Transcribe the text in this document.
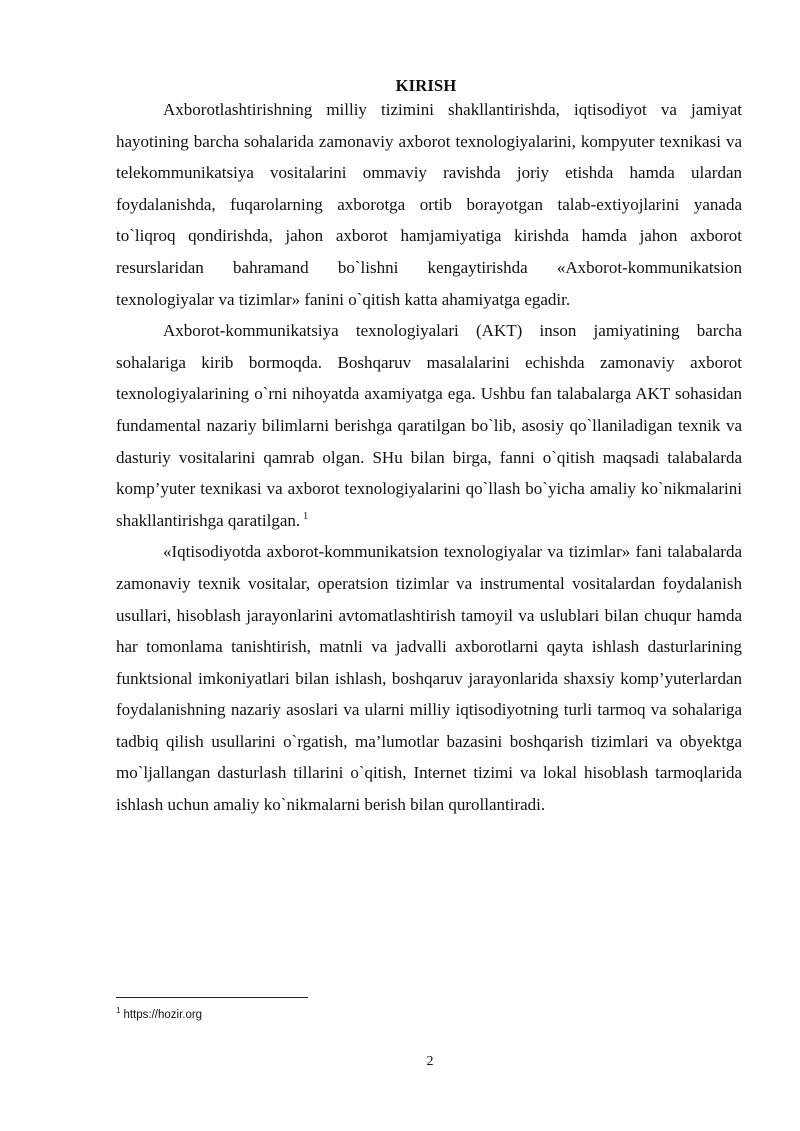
KIRISH

Axborotlashtirishning milliy tizimini shakllantirishda, iqtisodiyot va jamiyat hayotining barcha sohalarida zamonaviy axborot texnologiyalarini, kompyuter texnikasi va telekommunikatsiya vositalarini ommaviy ravishda joriy etishda hamda ulardan foydalanishda, fuqarolarning axborotga ortib borayotgan talab-extiyojlarini yanada to`liqroq qondirishda, jahon axborot hamjamiyatiga kirishda hamda jahon axborot resurslaridan bahramand bo`lishni kengaytirishda «Axborot-kommunikatsion texnologiyalar va tizimlar» fanini o`qitish katta ahamiyatga egadir.

Axborot-kommunikatsiya texnologiyalari (AKT) inson jamiyatining barcha sohalariga kirib bormoqda. Boshqaruv masalalarini echishda zamonaviy axborot texnologiyalarining o`rni nihoyatda axamiyatga ega. Ushbu fan talabalarga AKT sohasidan fundamental nazariy bilimlarni berishga qaratilgan bo`lib, asosiy qo`llaniladigan texnik va dasturiy vositalarini qamrab olgan. SHu bilan birga, fanni o`qitish maqsadi talabalarda komp’yuter texnikasi va axborot texnologiyalarini qo`llash bo`yicha amaliy ko`nikmalarini shakllantirishga qaratilgan. $^1$

«Iqtisodiyotda axborot-kommunikatsion texnologiyalar va tizimlar» fani talabalarda zamonaviy texnik vositalar, operatsion tizimlar va instrumental vositalardan foydalanish usullari, hisoblash jarayonlarini avtomatlashtirish tamoyil va uslublari bilan chuqur hamda har tomonlama tanishtirish, matnli va jadvalli axborotlarni qayta ishlash dasturlarining funktsional imkoniyatlari bilan ishlash, boshqaruv jarayonlarida shaxsiy komp’yuterlardan foydalanishning nazariy asoslari va ularni milliy iqtisodiyotning turli tarmoq va sohalariga tadbiq qilish usullarini o`rgatish, ma’lumotlar bazasini boshqarish tizimlari va obyektga mo`ljallangan dasturlash tillarini o`qitish, Internet tizimi va lokal hisoblash tarmoqlarida ishlash uchun amaliy ko`nikmalarni berish bilan qurollantiradi.

$^1$ https://hozir.org
2
